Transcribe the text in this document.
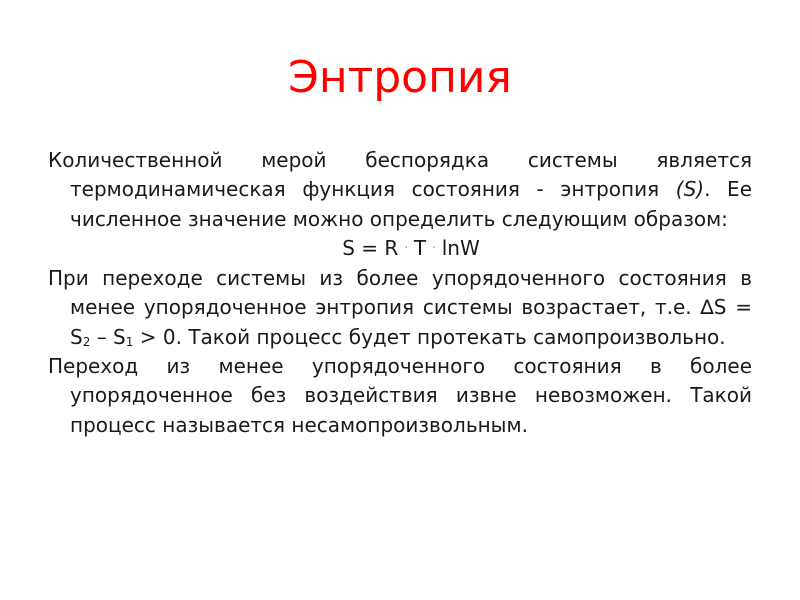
Энтропия

Количественной мерой беспорядка системы является термодинамическая функция состояния - энтропия (S). Ее численное значение можно определить следующим образом:

S = R · T · lnW

При переходе системы из более упорядоченного состояния в менее упорядоченное энтропия системы возрастает, т.е. $\Delta S = S_2 - S_1 > 0$. Такой процесс будет протекать самопроизвольно.

Переход из менее упорядоченного состояния в более упорядоченное без воздействия извне невозможен. Такой процесс называется несамопроизвольным.
